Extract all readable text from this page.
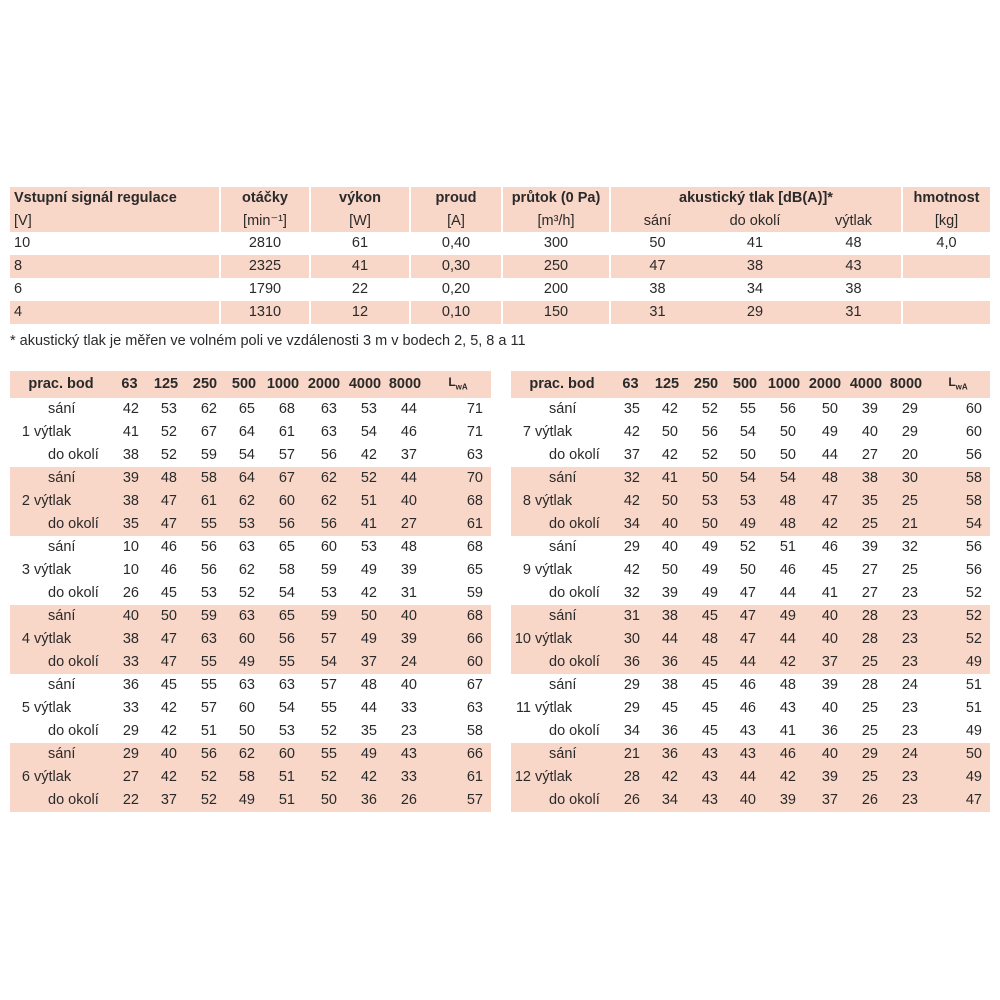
Vstupní signál regulace	otáčky	výkon	proud	průtok (0 Pa)	akustický tlak [dB(A)]*			hmotnost
[V]	[min⁻¹]	[W]	[A]	[m³/h]	sání	do okolí	výtlak	[kg]
10	2810	61	0,40	300	50	41	48	4,0
8	2325	41	0,30	250	47	38	43	
6	1790	22	0,20	200	38	34	38	
4	1310	12	0,10	150	31	29	31	
* akustický tlak je měřen ve volném poli ve vzdálenosti 3 m v bodech 2, 5, 8 a 11
prac. bod		63	125	250	500	1000	2000	4000	8000	$L_{wA}$
	sání	42	53	62	65	68	63	53	44	71
1	výtlak	41	52	67	64	61	63	54	46	71
	do okolí	38	52	59	54	57	56	42	37	63
	sání	39	48	58	64	67	62	52	44	70
2	výtlak	38	47	61	62	60	62	51	40	68
	do okolí	35	47	55	53	56	56	41	27	61
	sání	10	46	56	63	65	60	53	48	68
3	výtlak	10	46	56	62	58	59	49	39	65
	do okolí	26	45	53	52	54	53	42	31	59
	sání	40	50	59	63	65	59	50	40	68
4	výtlak	38	47	63	60	56	57	49	39	66
	do okolí	33	47	55	49	55	54	37	24	60
	sání	36	45	55	63	63	57	48	40	67
5	výtlak	33	42	57	60	54	55	44	33	63
	do okolí	29	42	51	50	53	52	35	23	58
	sání	29	40	56	62	60	55	49	43	66
6	výtlak	27	42	52	58	51	52	42	33	61
	do okolí	22	37	52	49	51	50	36	26	57
prac. bod		63	125	250	500	1000	2000	4000	8000	$L_{wA}$
	sání	35	42	52	55	56	50	39	29	60
7	výtlak	42	50	56	54	50	49	40	29	60
	do okolí	37	42	52	50	50	44	27	20	56
	sání	32	41	50	54	54	48	38	30	58
8	výtlak	42	50	53	53	48	47	35	25	58
	do okolí	34	40	50	49	48	42	25	21	54
	sání	29	40	49	52	51	46	39	32	56
9	výtlak	42	50	49	50	46	45	27	25	56
	do okolí	32	39	49	47	44	41	27	23	52
	sání	31	38	45	47	49	40	28	23	52
10	výtlak	30	44	48	47	44	40	28	23	52
	do okolí	36	36	45	44	42	37	25	23	49
	sání	29	38	45	46	48	39	28	24	51
11	výtlak	29	45	45	46	43	40	25	23	51
	do okolí	34	36	45	43	41	36	25	23	49
	sání	21	36	43	43	46	40	29	24	50
12	výtlak	28	42	43	44	42	39	25	23	49
	do okolí	26	34	43	40	39	37	26	23	47
